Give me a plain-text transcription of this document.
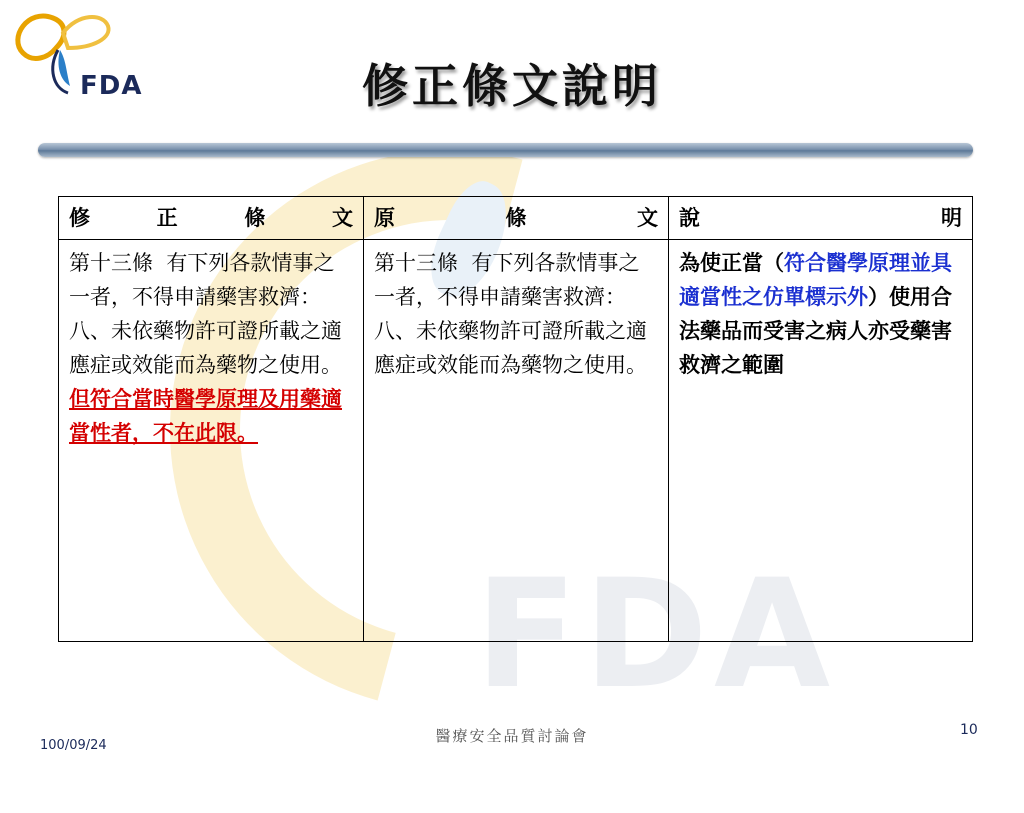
FDA
FDA	修正條文說明
修 正 條 文	原 條 文	說 明

第十三條  有下列各款情事之一者，不得申請藥害救濟：
八、未依藥物許可證所載之適應症或效能而為藥物之使用。但符合當時醫學原理及用藥適當性者，不在此限。	第十三條  有下列各款情事之一者，不得申請藥害救濟：
八、未依藥物許可證所載之適應症或效能而為藥物之使用。	為使正當（符合醫學原理並具適當性之仿單標示外）使用合法藥品而受害之病人亦受藥害救濟之範圍
100/09/24
醫療安全品質討論會	10
